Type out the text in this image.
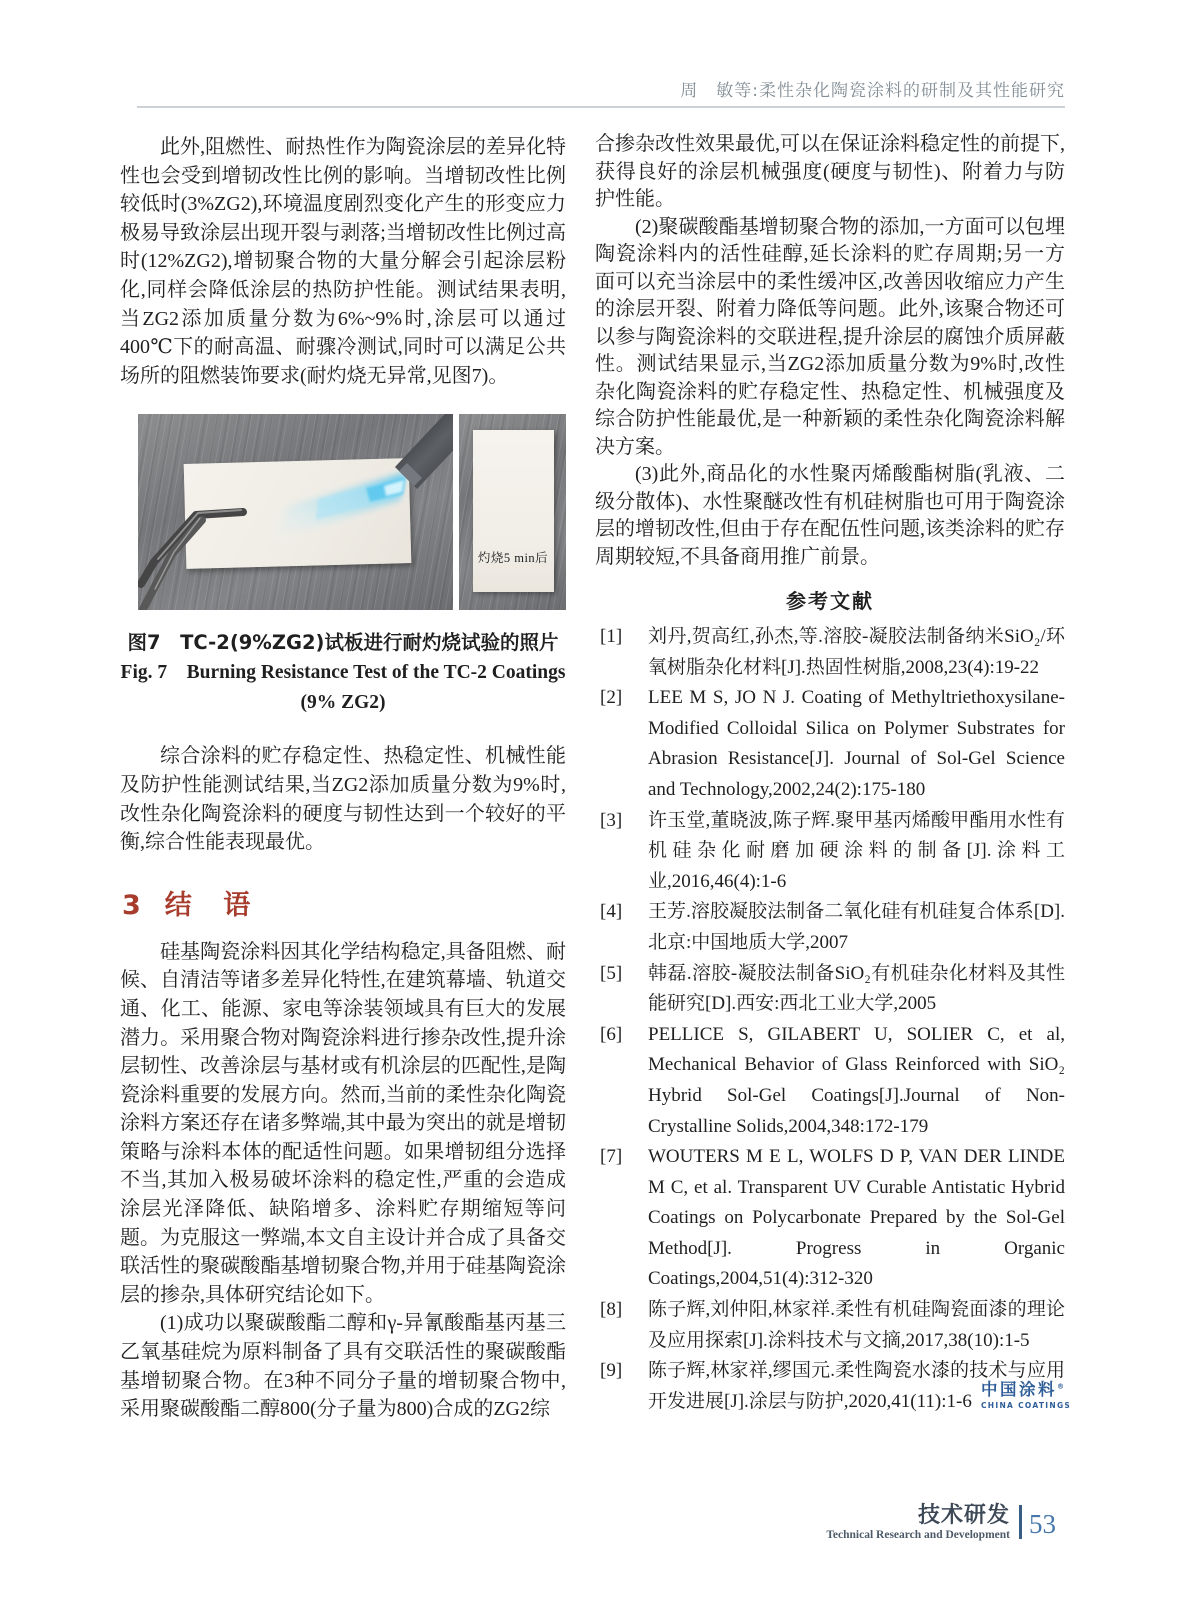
周　敏等:柔性杂化陶瓷涂料的研制及其性能研究

此外,阻燃性、耐热性作为陶瓷涂层的差异化特性也会受到增韧改性比例的影响。当增韧改性比例较低时(3%ZG2),环境温度剧烈变化产生的形变应力极易导致涂层出现开裂与剥落;当增韧改性比例过高时(12%ZG2),增韧聚合物的大量分解会引起涂层粉化,同样会降低涂层的热防护性能。测试结果表明,当ZG2添加质量分数为6%~9%时,涂层可以通过400℃下的耐高温、耐骤冷测试,同时可以满足公共场所的阻燃装饰要求(耐灼烧无异常,见图7)。

灼烧5 min后
图7　TC-2(9%ZG2)试板进行耐灼烧试验的照片
Fig. 7　Burning Resistance Test of the TC-2 Coatings
(9% ZG2)

综合涂料的贮存稳定性、热稳定性、机械性能及防护性能测试结果,当ZG2添加质量分数为9%时,改性杂化陶瓷涂料的硬度与韧性达到一个较好的平衡,综合性能表现最优。

3 结 语

硅基陶瓷涂料因其化学结构稳定,具备阻燃、耐候、自清洁等诸多差异化特性,在建筑幕墙、轨道交通、化工、能源、家电等涂装领域具有巨大的发展潜力。采用聚合物对陶瓷涂料进行掺杂改性,提升涂层韧性、改善涂层与基材或有机涂层的匹配性,是陶瓷涂料重要的发展方向。然而,当前的柔性杂化陶瓷涂料方案还存在诸多弊端,其中最为突出的就是增韧策略与涂料本体的配适性问题。如果增韧组分选择不当,其加入极易破坏涂料的稳定性,严重的会造成涂层光泽降低、缺陷增多、涂料贮存期缩短等问题。为克服这一弊端,本文自主设计并合成了具备交联活性的聚碳酸酯基增韧聚合物,并用于硅基陶瓷涂层的掺杂,具体研究结论如下。

(1)成功以聚碳酸酯二醇和γ-异氰酸酯基丙基三乙氧基硅烷为原料制备了具有交联活性的聚碳酸酯基增韧聚合物。在3种不同分子量的增韧聚合物中,采用聚碳酸酯二醇800(分子量为800)合成的ZG2综

合掺杂改性效果最优,可以在保证涂料稳定性的前提下,获得良好的涂层机械强度(硬度与韧性)、附着力与防护性能。

(2)聚碳酸酯基增韧聚合物的添加,一方面可以包埋陶瓷涂料内的活性硅醇,延长涂料的贮存周期;另一方面可以充当涂层中的柔性缓冲区,改善因收缩应力产生的涂层开裂、附着力降低等问题。此外,该聚合物还可以参与陶瓷涂料的交联进程,提升涂层的腐蚀介质屏蔽性。测试结果显示,当ZG2添加质量分数为9%时,改性杂化陶瓷涂料的贮存稳定性、热稳定性、机械强度及综合防护性能最优,是一种新颖的柔性杂化陶瓷涂料解决方案。

(3)此外,商品化的水性聚丙烯酸酯树脂(乳液、二级分散体)、水性聚醚改性有机硅树脂也可用于陶瓷涂层的增韧改性,但由于存在配伍性问题,该类涂料的贮存周期较短,不具备商用推广前景。

参考文献
[1] 刘丹,贺高红,孙杰,等.溶胶-凝胶法制备纳米SiO₂/环氧树脂杂化材料[J].热固性树脂,2008,23(4):19-22
[2] LEE M S, JO N J. Coating of Methyltriethoxysilane-Modified Colloidal Silica on Polymer Substrates for Abrasion Resistance[J]. Journal of Sol-Gel Science and Technology,2002,24(2):175-180
[3] 许玉堂,董晓波,陈子辉.聚甲基丙烯酸甲酯用水性有机硅杂化耐磨加硬涂料的制备[J].涂料工业,2016,46(4):1-6
[4] 王芳.溶胶凝胶法制备二氧化硅有机硅复合体系[D].北京:中国地质大学,2007
[5] 韩磊.溶胶-凝胶法制备SiO₂有机硅杂化材料及其性能研究[D].西安:西北工业大学,2005
[6] PELLICE S, GILABERT U, SOLIER C, et al, Mechanical Behavior of Glass Reinforced with SiO₂ Hybrid Sol-Gel Coatings[J].Journal of Non-Crystalline Solids,2004,348:172-179
[7] WOUTERS M E L, WOLFS D P, VAN DER LINDE M C, et al. Transparent UV Curable Antistatic Hybrid Coatings on Polycarbonate Prepared by the Sol-Gel Method[J]. Progress in Organic Coatings,2004,51(4):312-320
[8] 陈子辉,刘仲阳,林家祥.柔性有机硅陶瓷面漆的理论及应用探索[J].涂料技术与文摘,2017,38(10):1-5
[9] 陈子辉,林家祥,缪国元.柔性陶瓷水漆的技术与应用开发进展[J].涂层与防护,2020,41(11):1-6
中国涂料®
CHINA COATINGS
技术研发
Technical Research and Development 53
